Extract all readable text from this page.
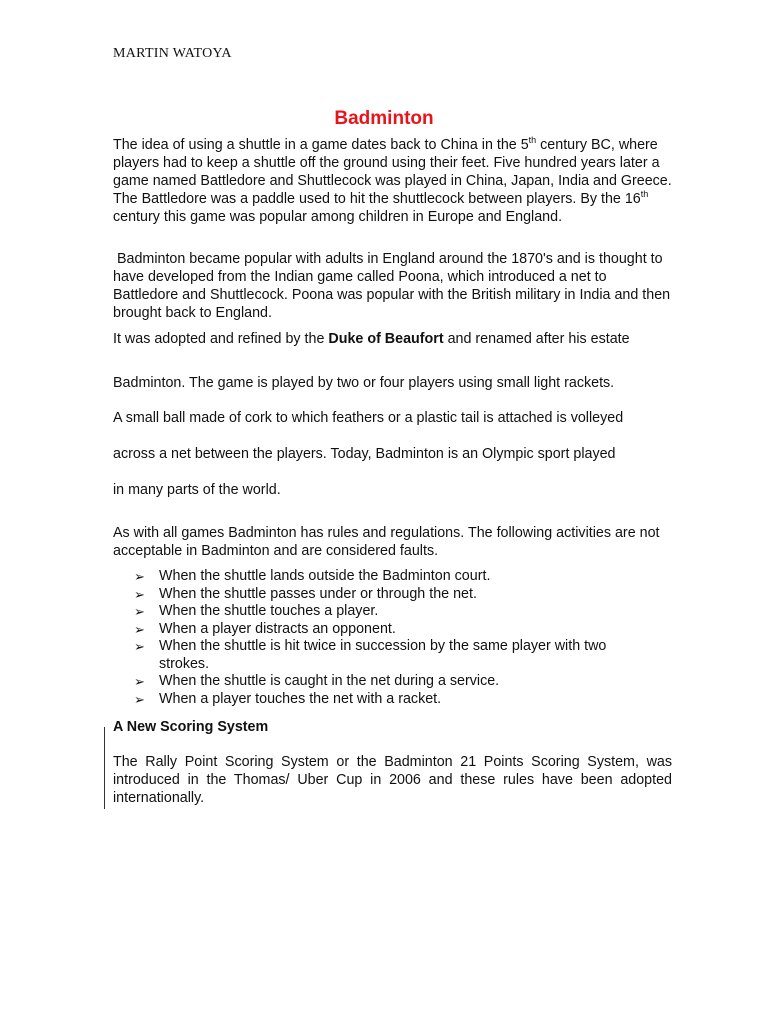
MARTIN WATOYA
Badminton

The idea of using a shuttle in a game dates back to China in the 5th century BC, where players had to keep a shuttle off the ground using their feet. Five hundred years later a game named Battledore and Shuttlecock was played in China, Japan, India and Greece. The Battledore was a paddle used to hit the shuttlecock between players. By the 16th century this game was popular among children in Europe and England.

Badminton became popular with adults in England around the 1870's and is thought to have developed from the Indian game called Poona, which introduced a net to Battledore and Shuttlecock. Poona was popular with the British military in India and then brought back to England.

It was adopted and refined by the Duke of Beaufort and renamed after his estate

Badminton. The game is played by two or four players using small light rackets.
A small ball made of cork to which feathers or a plastic tail is attached is volleyed
across a net between the players. Today, Badminton is an Olympic sport played
in many parts of the world.

As with all games Badminton has rules and regulations. The following activities are not acceptable in Badminton and are considered faults.

➢ When the shuttle lands outside the Badminton court.
➢ When the shuttle passes under or through the net.
➢ When the shuttle touches a player.
➢ When a player distracts an opponent.
➢ When the shuttle is hit twice in succession by the same player with two strokes.
➢ When the shuttle is caught in the net during a service.
➢ When a player touches the net with a racket.
A New Scoring System

The Rally Point Scoring System or the Badminton 21 Points Scoring System, was introduced in the Thomas/ Uber Cup in 2006 and these rules have been adopted internationally.
